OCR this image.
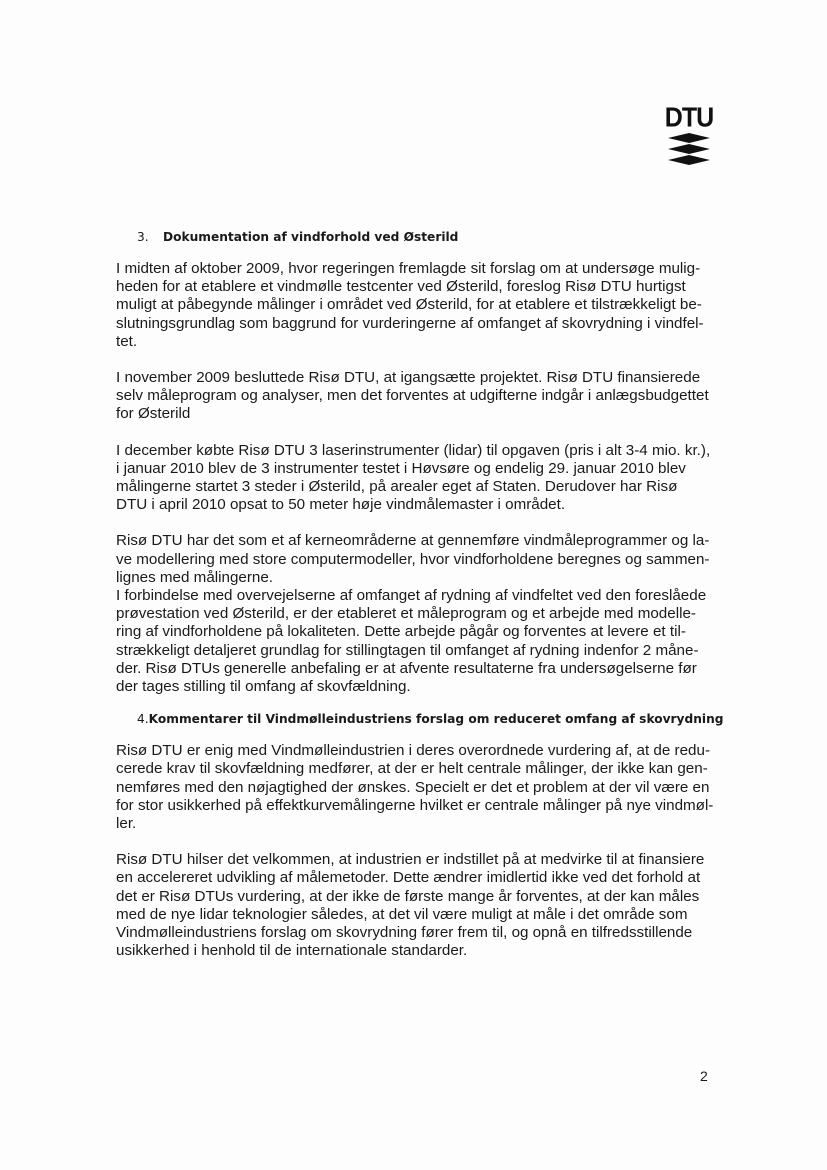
DTU
3.	Dokumentation af vindforhold ved Østerild

I midten af oktober 2009, hvor regeringen fremlagde sit forslag om at undersøge mulig-
heden for at etablere et vindmølle testcenter ved Østerild, foreslog Risø DTU hurtigst
muligt at påbegynde målinger i området ved Østerild, for at etablere et tilstrækkeligt be-
slutningsgrundlag som baggrund for vurderingerne af omfanget af skovrydning i vindfel-
tet.

I november 2009 besluttede Risø DTU, at igangsætte projektet. Risø DTU finansierede
selv måleprogram og analyser, men det forventes at udgifterne indgår i anlægsbudgettet
for Østerild

I december købte Risø DTU 3 laserinstrumenter (lidar) til opgaven (pris i alt 3-4 mio. kr.),
i januar 2010 blev de 3 instrumenter testet i Høvsøre og endelig 29. januar 2010 blev
målingerne startet 3 steder i Østerild, på arealer eget af Staten. Derudover har Risø
DTU i april 2010 opsat to 50 meter høje vindmålemaster i området.

Risø DTU har det som et af kerneområderne at gennemføre vindmåleprogrammer og la-
ve modellering med store computermodeller, hvor vindforholdene beregnes og sammen-
lignes med målingerne.

I forbindelse med overvejelserne af omfanget af rydning af vindfeltet ved den foreslåede
prøvestation ved Østerild, er der etableret et måleprogram og et arbejde med modelle-
ring af vindforholdene på lokaliteten. Dette arbejde pågår og forventes at levere et til-
strækkeligt detaljeret grundlag for stillingtagen til omfanget af rydning indenfor 2 måne-
der. Risø DTUs generelle anbefaling er at afvente resultaterne fra undersøgelserne før
der tages stilling til omfang af skovfældning.

4. Kommentarer til Vindmølleindustriens forslag om reduceret omfang af skovrydning

Risø DTU er enig med Vindmølleindustrien i deres overordnede vurdering af, at de redu-
cerede krav til skovfældning medfører, at der er helt centrale målinger, der ikke kan gen-
nemføres med den nøjagtighed der ønskes. Specielt er det et problem at der vil være en
for stor usikkerhed på effektkurvemålingerne hvilket er centrale målinger på nye vindmøl-
ler.

Risø DTU hilser det velkommen, at industrien er indstillet på at medvirke til at finansiere
en accelereret udvikling af målemetoder. Dette ændrer imidlertid ikke ved det forhold at
det er Risø DTUs vurdering, at der ikke de første mange år forventes, at der kan måles
med de nye lidar teknologier således, at det vil være muligt at måle i det område som
Vindmølleindustriens forslag om skovrydning fører frem til, og opnå en tilfredsstillende
usikkerhed i henhold til de internationale standarder.

2
